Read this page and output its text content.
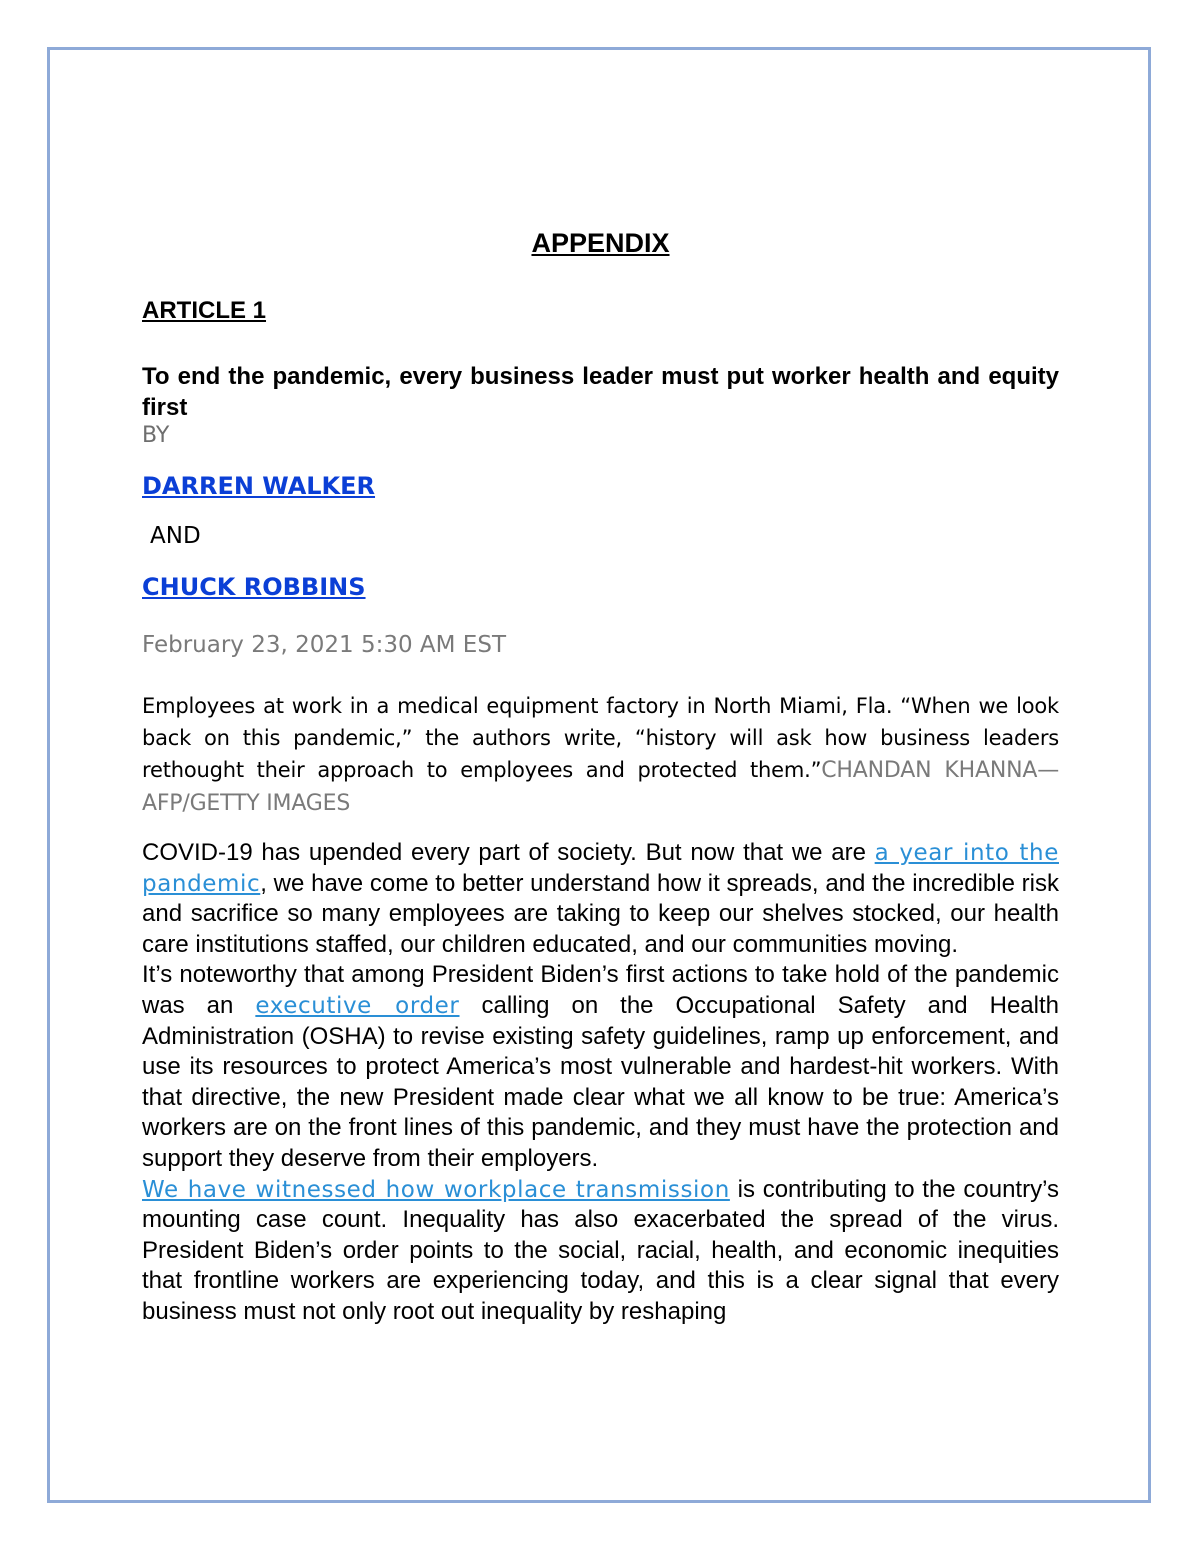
APPENDIX
ARTICLE 1
To end the pandemic, every business leader must put worker health and equity first
BY
DARREN WALKER
AND
CHUCK ROBBINS
February 23, 2021 5:30 AM EST
Employees at work in a medical equipment factory in North Miami, Fla. “When we look back on this pandemic,” the authors write, “history will ask how business leaders rethought their approach to employees and protected them.”CHANDAN KHANNA—AFP/GETTY IMAGES

COVID-19 has upended every part of society. But now that we are a year into the pandemic, we have come to better understand how it spreads, and the incredible risk and sacrifice so many employees are taking to keep our shelves stocked, our health care institutions staffed, our children educated, and our communities moving.

It’s noteworthy that among President Biden’s first actions to take hold of the pandemic was an executive order calling on the Occupational Safety and Health Administration (OSHA) to revise existing safety guidelines, ramp up enforcement, and use its resources to protect America’s most vulnerable and hardest-hit workers. With that directive, the new President made clear what we all know to be true: America’s workers are on the front lines of this pandemic, and they must have the protection and support they deserve from their employers.

We have witnessed how workplace transmission is contributing to the country’s mounting case count. Inequality has also exacerbated the spread of the virus. President Biden’s order points to the social, racial, health, and economic inequities that frontline workers are experiencing today, and this is a clear signal that every business must not only root out inequality by reshaping
